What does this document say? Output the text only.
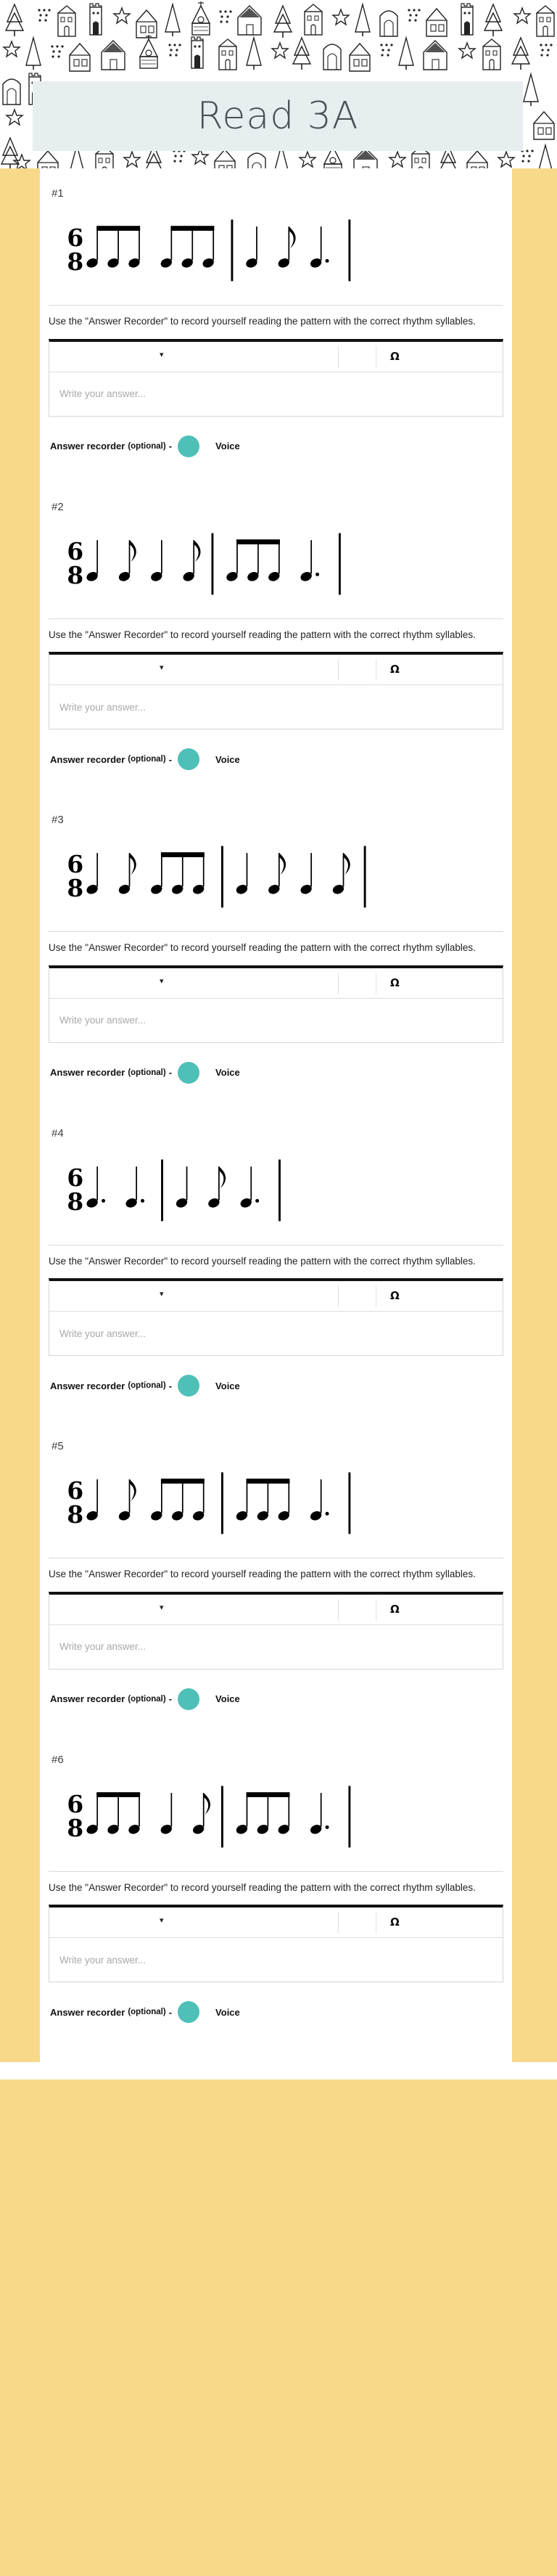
Read 3A
#1
6
8

Use the "Answer Recorder" to record yourself reading the pattern with the correct rhythm syllables.

▾	Ω
Write your answer...
Answer recorder (optional) -	Voice
#2
6
8

Use the "Answer Recorder" to record yourself reading the pattern with the correct rhythm syllables.

▾	Ω
Write your answer...
Answer recorder (optional) -	Voice
#3
6
8

Use the "Answer Recorder" to record yourself reading the pattern with the correct rhythm syllables.

▾	Ω
Write your answer...
Answer recorder (optional) -	Voice
#4
6
8

Use the "Answer Recorder" to record yourself reading the pattern with the correct rhythm syllables.

▾	Ω
Write your answer...
Answer recorder (optional) -	Voice
#5
6
8

Use the "Answer Recorder" to record yourself reading the pattern with the correct rhythm syllables.

▾	Ω
Write your answer...
Answer recorder (optional) -	Voice
#6
6
8

Use the "Answer Recorder" to record yourself reading the pattern with the correct rhythm syllables.

▾	Ω
Write your answer...
Answer recorder (optional) -	Voice
